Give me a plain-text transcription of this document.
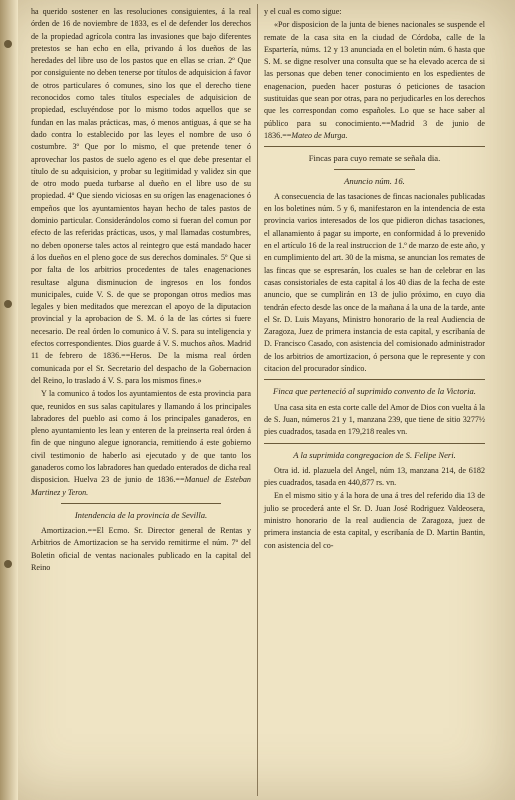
ha querido sostener en las resoluciones consiguientes, á la real órden de 16 de noviembre de 1833, es el de defender los derechos de la propiedad agrícola contra las invasiones que bajo diferentes pretestos se han echo en ella, privando á los dueños de las heredades del libre uso de los pastos que en ellas se crian. 2º Que por consiguiente no deben tenerse por títulos de adquisicion á favor de otros particulares ó comunes, sino los que el derecho tiene reconocidos como tales títulos especiales de adquisicion de propiedad, escluyéndose por lo mismo todos aquellos que se fundan en las malas prácticas, mas, ó menos antiguas, á que se ha dado contra lo establecido por las leyes el nombre de uso ó costumbre. 3º Que por lo mismo, el que pretende tener ó aprovechar los pastos de suelo ageno es el que debe presentar el título de su adquisicion, y probar su legitimidad y validez sin que de otro modo pueda turbarse al dueño en el libre uso de su propiedad. 4º Que siendo viciosas en su orígen las enagenaciones ó empeños que los ayuntamientos hayan hecho de tales pastos de dominio particular. Considerándolos como si fueran del comun por efecto de las referidas prácticas, usos, y mal llamadas costumbres, no deben oponerse tales actos al reintegro que está mandado hacer á los dueños en el pleno goce de sus derechos dominales. 5º Que si por falta de los arbitrios procedentes de tales enagenaciones resultase alguna disminucion de ingresos en los fondos municipales, cuide V. S. de que se propongan otros medios mas legales y bien meditados que merezcan el apoyo de la diputacion provincial y la aprobacion de S. M. ó la de las córtes si fuere necesario. De real órden lo comunico á V. S. para su inteligencia y efectos correspondientes. Dios guarde á V. S. muchos años. Madrid 11 de febrero de 1836.==Heros. De la misma real órden comunicada por el Sr. Secretario del despacho de la Gobernacion del Reino, lo traslado á V. S. para los mismos fines.»

Y la comunico á todos los ayuntamientos de esta provincia para que, reunidos en sus salas capitulares y llamando á los principales labradores del pueblo asi como á los principales ganaderos, en pleno ayuntamiento les lean y enteren de la preinserta real órden á fin de que ninguno alegue ignorancia, remitiendo á este gobierno civil testimonio de haberlo asi ejecutado y de que tanto los ganaderos como los labradores han quedado enterados de dicha real disposicion. Huelva 23 de junio de 1836.==Manuel de Esteban Martinez y Teron.

Intendencia de la provincia de Sevilla.

Amortizacion.==El Ecmo. Sr. Director general de Rentas y Arbitrios de Amortizacion se ha servido remitirme el núm. 7º del Boletin oficial de ventas nacionales publicado en la capital del Reino

y el cual es como sigue:

«Por disposicion de la junta de bienes nacionales se suspende el remate de la casa sita en la ciudad de Córdoba, calle de la Espartería, núms. 12 y 13 anunciada en el boletin núm. 6 hasta que S. M. se digne resolver una consulta que se ha elevado acerca de si las personas que deben tener conocimiento en los espedientes de enagenacion, pueden hacer posturas ó peticiones de tasacion sustituidas que sean por otras, para no perjudicarles en los derechos que les correspondan como españoles. Lo que se hace saber al público para su conocimiento.==Madrid 3 de junio de 1836.==Mateo de Murga.

Fincas para cuyo remate se señala dia.
Anuncio núm. 16.

A consecuencia de las tasaciones de fincas nacionales publicadas en los boletines núm. 5 y 6, manifestaron en la intendencia de esta provincia varios interesados de los que pidieron dichas tasaciones, el allanamiento á pagar su importe, en conformidad á lo prevenido en el artículo 16 de la real instruccion de 1.º de marzo de este año, y en cumplimiento del art. 30 de la misma, se anuncian los remates de las fincas que se espresarán, los cuales se han de celebrar en las casas consistoriales de esta capital á los 40 dias de la fecha de este anuncio, que se cumplirán en 13 de julio próximo, en cuyo dia tendrán efecto desde las once de la mañana á la una de la tarde, ante el Sr. D. Luis Mayans, Ministro honorario de la real Audiencia de Zaragoza, Juez de primera instancia de esta capital, y escribanía de D. Francisco Casado, con asistencia del comisionado administrador de los arbitrios de amortizacion, ó persona que le represente y con citacion del procurador síndico.

Finca que perteneció al suprimido convento de la Victoria.

Una casa sita en esta corte calle del Amor de Dios con vuelta á la de S. Juan, números 21 y 1, manzana 239, que tiene de sitio 3277½ pies cuadrados, tasada en 179,218 reales vn.

A la suprimida congregacion de S. Felipe Neri.

Otra id. id. plazuela del Angel, núm 13, manzana 214, de 6182 pies cuadrados, tasada en 440,877 rs. vn.

En el mismo sitio y á la hora de una á tres del referido dia 13 de julio se procederá ante el Sr. D. Juan José Rodriguez Valdeosera, ministro honorario de la real audiencia de Zaragoza, juez de primera instancia de esta capital, y escribanía de D. Martin Bantin, con asistencia del co-
